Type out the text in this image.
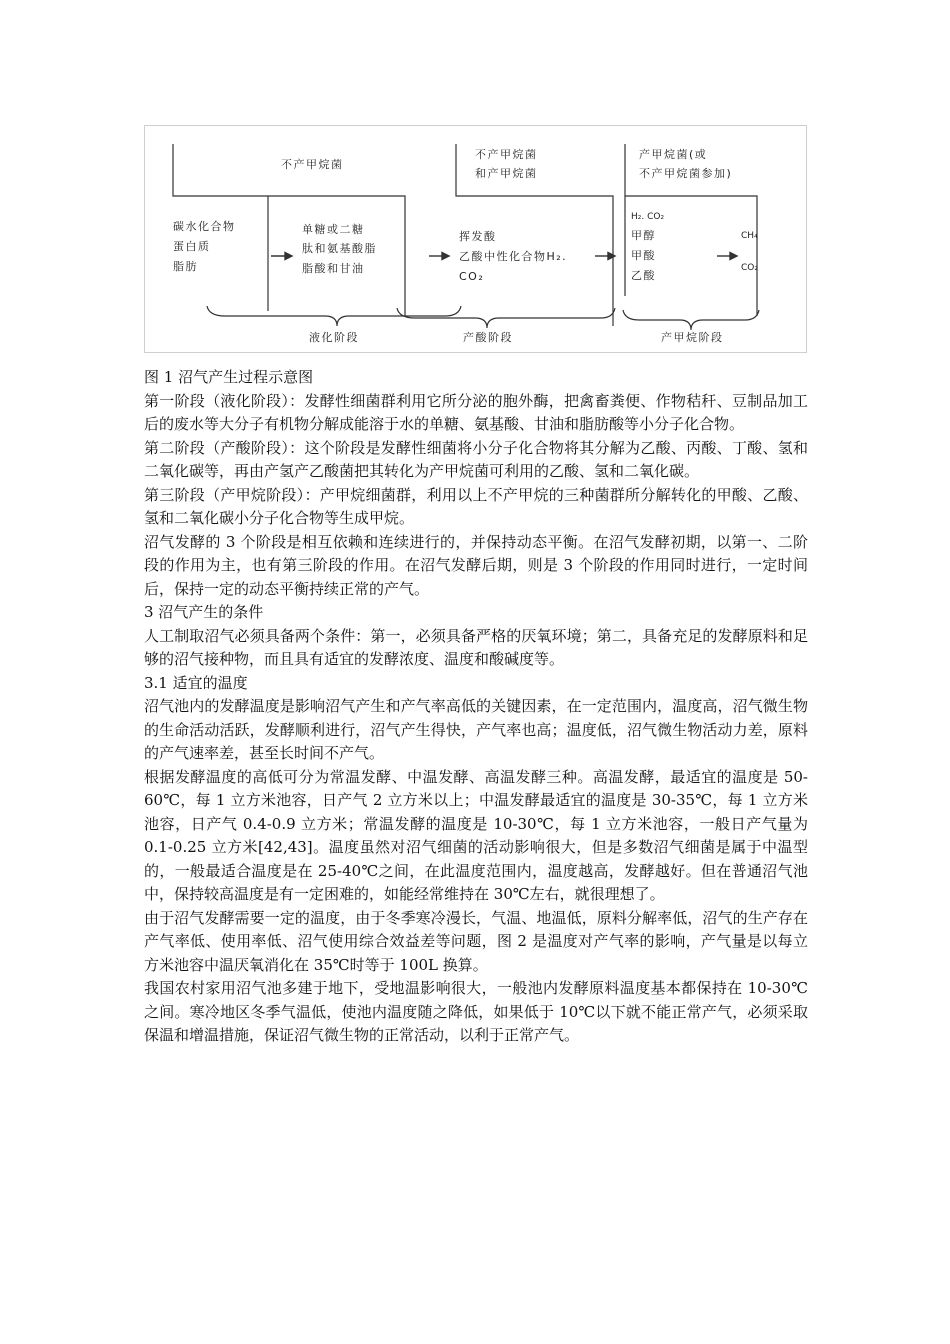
不产甲烷菌
不产甲烷菌
和产甲烷菌
产甲烷菌(或
不产甲烷菌参加)
碳水化合物
蛋白质
脂肪
单糖或二糖
肽和氨基酸脂
脂酸和甘油
挥发酸
乙酸中性化合物H₂.
CO₂
H₂. CO₂
甲醇
甲酸
乙酸
CH₄
CO₂
液化阶段	产酸阶段	产甲烷阶段

图 1 沼气产生过程示意图

第一阶段（液化阶段）：发酵性细菌群利用它所分泌的胞外酶，把禽畜粪便、作物秸秆、豆制品加工后的废水等大分子有机物分解成能溶于水的单糖、氨基酸、甘油和脂肪酸等小分子化合物。

第二阶段（产酸阶段）：这个阶段是发酵性细菌将小分子化合物将其分解为乙酸、丙酸、丁酸、氢和二氧化碳等，再由产氢产乙酸菌把其转化为产甲烷菌可利用的乙酸、氢和二氧化碳。

第三阶段（产甲烷阶段）：产甲烷细菌群，利用以上不产甲烷的三种菌群所分解转化的甲酸、乙酸、氢和二氧化碳小分子化合物等生成甲烷。

沼气发酵的 3 个阶段是相互依赖和连续进行的，并保持动态平衡。在沼气发酵初期，以第一、二阶段的作用为主，也有第三阶段的作用。在沼气发酵后期，则是 3 个阶段的作用同时进行，一定时间后，保持一定的动态平衡持续正常的产气。

3 沼气产生的条件

人工制取沼气必须具备两个条件：第一，必须具备严格的厌氧环境；第二，具备充足的发酵原料和足够的沼气接种物，而且具有适宜的发酵浓度、温度和酸碱度等。

3.1 适宜的温度

沼气池内的发酵温度是影响沼气产生和产气率高低的关键因素，在一定范围内，温度高，沼气微生物的生命活动活跃，发酵顺利进行，沼气产生得快，产气率也高；温度低，沼气微生物活动力差，原料的产气速率差，甚至长时间不产气。

根据发酵温度的高低可分为常温发酵、中温发酵、高温发酵三种。高温发酵，最适宜的温度是 50-60℃，每 1 立方米池容，日产气 2 立方米以上；中温发酵最适宜的温度是 30-35℃，每 1 立方米池容，日产气 0.4-0.9 立方米；常温发酵的温度是 10-30℃，每 1 立方米池容，一般日产气量为 0.1-0.25 立方米[42,43]。温度虽然对沼气细菌的活动影响很大，但是多数沼气细菌是属于中温型的，一般最适合温度是在 25-40℃之间，在此温度范围内，温度越高，发酵越好。但在普通沼气池中，保持较高温度是有一定困难的，如能经常维持在 30℃左右，就很理想了。

由于沼气发酵需要一定的温度，由于冬季寒冷漫长，气温、地温低，原料分解率低，沼气的生产存在产气率低、使用率低、沼气使用综合效益差等问题，图 2 是温度对产气率的影响，产气量是以每立方米池容中温厌氧消化在 35℃时等于 100L 换算。

我国农村家用沼气池多建于地下，受地温影响很大，一般池内发酵原料温度基本都保持在 10-30℃之间。寒冷地区冬季气温低，使池内温度随之降低，如果低于 10℃以下就不能正常产气，必须采取保温和增温措施，保证沼气微生物的正常活动，以利于正常产气。
